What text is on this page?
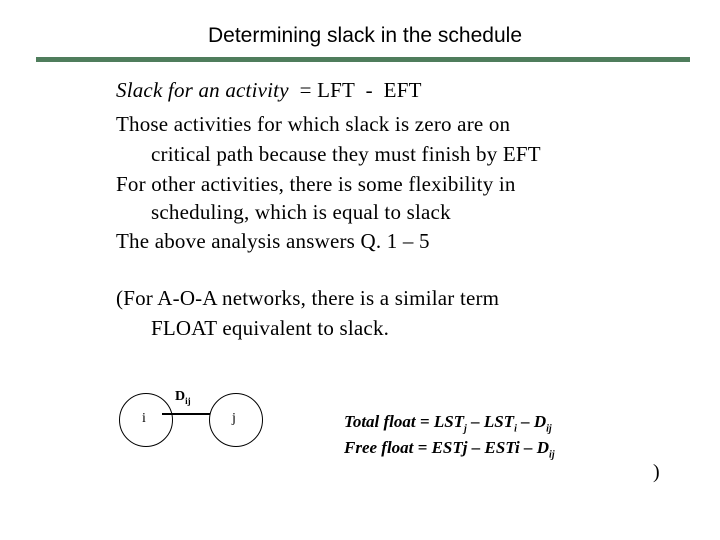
Determining slack in the schedule
Slack for an activity  = LFT  -  EFT
Those activities for which slack is zero are on
critical path because they must finish by EFT
For other activities, there is some flexibility in
scheduling, which is equal to slack
The above analysis answers Q. 1 – 5
(For A-O-A networks, there is a similar term
FLOAT equivalent to slack.
i
$D_{ij}$
j	Total float = $LST_j - LST_i - D_{ij}$
Free float = ESTj – ESTi – $D_{ij}$
)
